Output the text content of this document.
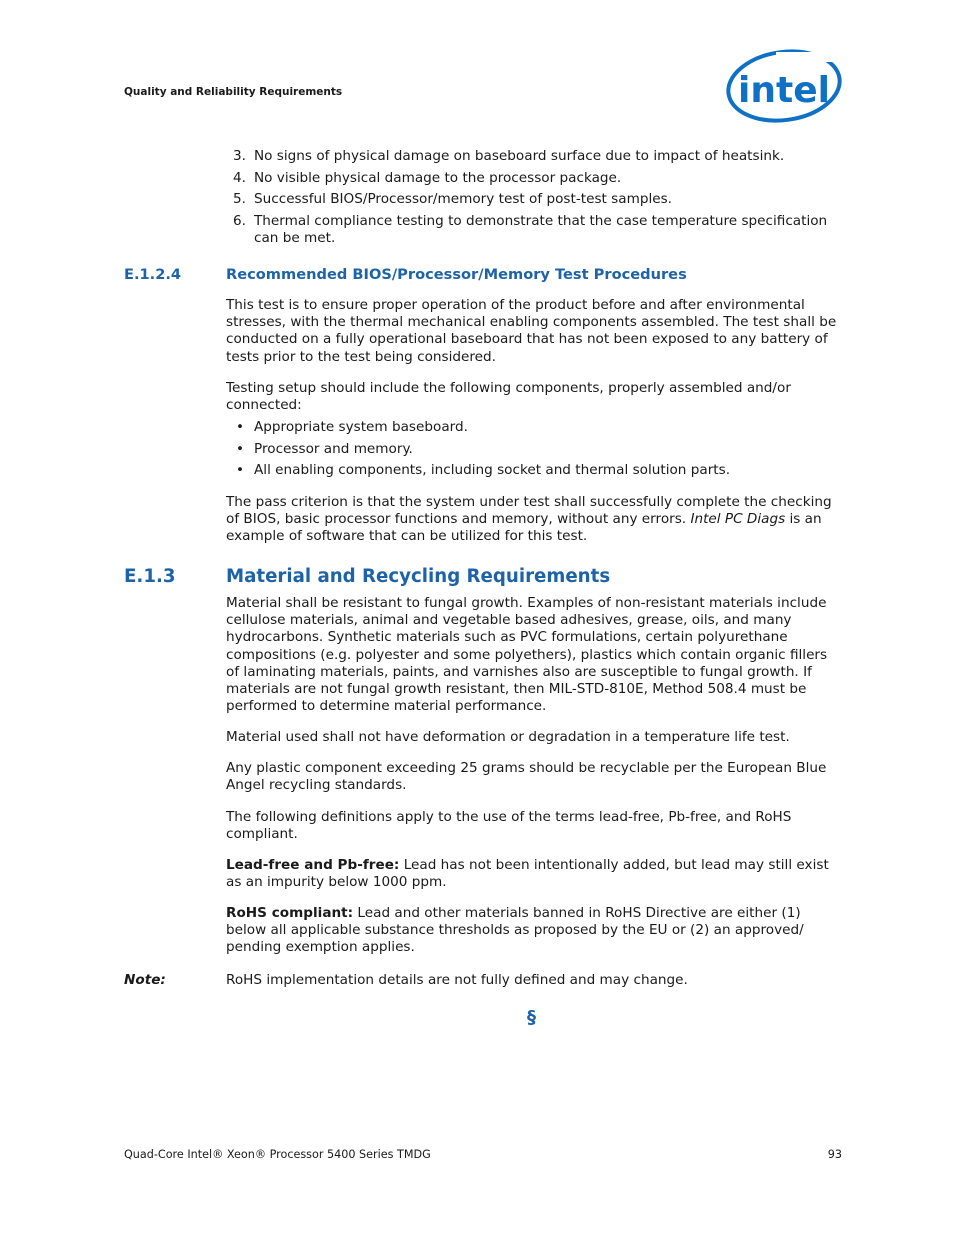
Quality and Reliability Requirements	intel
3. No signs of physical damage on baseboard surface due to impact of heatsink.
4. No visible physical damage to the processor package.
5. Successful BIOS/Processor/memory test of post-test samples.
6. Thermal compliance testing to demonstrate that the case temperature specification can be met.
E.1.2.4	Recommended BIOS/Processor/Memory Test Procedures
This test is to ensure proper operation of the product before and after environmental stresses, with the thermal mechanical enabling components assembled. The test shall be conducted on a fully operational baseboard that has not been exposed to any battery of tests prior to the test being considered.
Testing setup should include the following components, properly assembled and/or connected:
• Appropriate system baseboard.
• Processor and memory.
• All enabling components, including socket and thermal solution parts.
The pass criterion is that the system under test shall successfully complete the checking of BIOS, basic processor functions and memory, without any errors. Intel PC Diags is an example of software that can be utilized for this test.
E.1.3	Material and Recycling Requirements
Material shall be resistant to fungal growth. Examples of non-resistant materials include cellulose materials, animal and vegetable based adhesives, grease, oils, and many hydrocarbons. Synthetic materials such as PVC formulations, certain polyurethane compositions (e.g. polyester and some polyethers), plastics which contain organic fillers of laminating materials, paints, and varnishes also are susceptible to fungal growth. If materials are not fungal growth resistant, then MIL-STD-810E, Method 508.4 must be performed to determine material performance.
Material used shall not have deformation or degradation in a temperature life test.
Any plastic component exceeding 25 grams should be recyclable per the European Blue Angel recycling standards.
The following definitions apply to the use of the terms lead-free, Pb-free, and RoHS compliant.
Lead-free and Pb-free: Lead has not been intentionally added, but lead may still exist as an impurity below 1000 ppm.
RoHS compliant: Lead and other materials banned in RoHS Directive are either (1) below all applicable substance thresholds as proposed by the EU or (2) an approved/ pending exemption applies.
Note:	RoHS implementation details are not fully defined and may change.
§
Quad-Core Intel® Xeon® Processor 5400 Series TMDG	93
